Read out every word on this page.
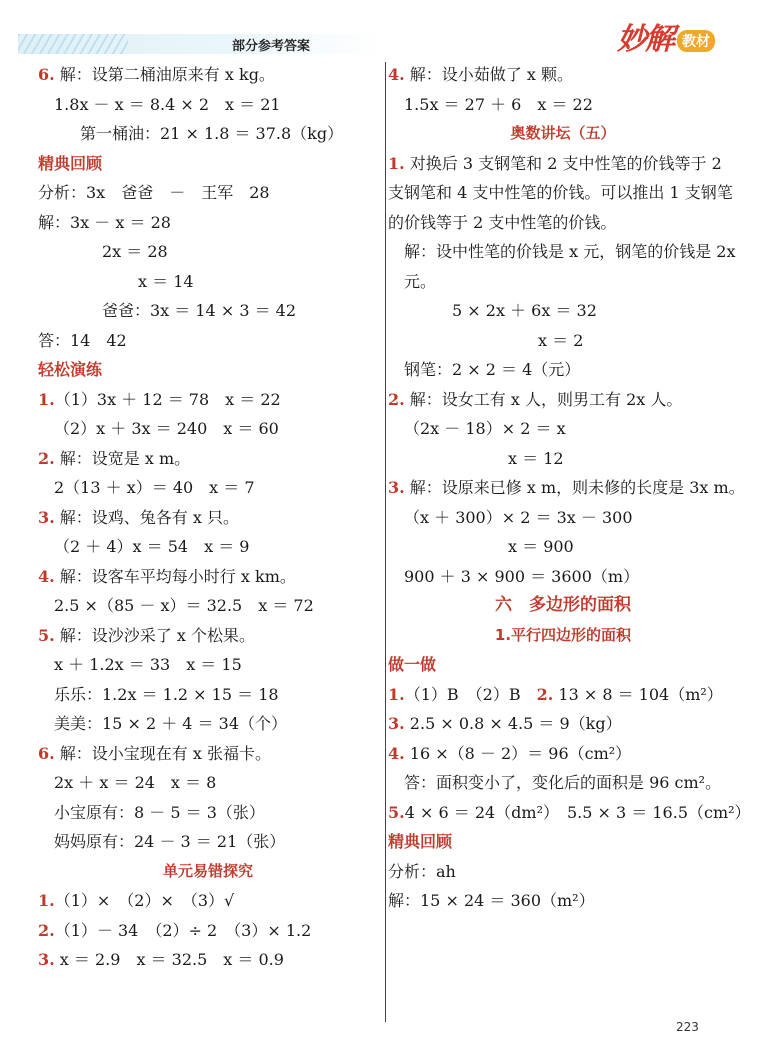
部分参考答案	妙解 教材
6. 解：设第二桶油原来有 x kg。
1.8x － x ＝ 8.4 × 2　x ＝ 21
第一桶油：21 × 1.8 ＝ 37.8（kg）
精典回顾
分析：3x　爸爸　－　王军　28
解：3x － x ＝ 28
2x ＝ 28
x ＝ 14
爸爸：3x ＝ 14 × 3 ＝ 42
答：14　42
轻松演练
1.（1）3x ＋ 12 ＝ 78　x ＝ 22
（2）x ＋ 3x ＝ 240　x ＝ 60
2. 解：设宽是 x m。
2（13 ＋ x）＝ 40　x ＝ 7
3. 解：设鸡、兔各有 x 只。
（2 ＋ 4）x ＝ 54　x ＝ 9
4. 解：设客车平均每小时行 x km。
2.5 ×（85 － x）＝ 32.5　x ＝ 72
5. 解：设沙沙采了 x 个松果。
x ＋ 1.2x ＝ 33　x ＝ 15
乐乐：1.2x ＝ 1.2 × 15 ＝ 18
美美：15 × 2 ＋ 4 ＝ 34（个）
6. 解：设小宝现在有 x 张福卡。
2x ＋ x ＝ 24　x ＝ 8
小宝原有：8 － 5 ＝ 3（张）
妈妈原有：24 － 3 ＝ 21（张）
单元易错探究
1.（1）×　（2）×　（3）√
2.（1）－ 34　（2）÷ 2　（3）× 1.2
3. x ＝ 2.9　x ＝ 32.5　x ＝ 0.9
4. 解：设小茹做了 x 颗。
1.5x ＝ 27 ＋ 6　x ＝ 22
奥数讲坛（五）
1. 对换后 3 支钢笔和 2 支中性笔的价钱等于 2 支钢笔和 4 支中性笔的价钱。可以推出 1 支钢笔的价钱等于 2 支中性笔的价钱。
解：设中性笔的价钱是 x 元，钢笔的价钱是 2x 元。
5 × 2x ＋ 6x ＝ 32
x ＝ 2
钢笔：2 × 2 ＝ 4（元）
2. 解：设女工有 x 人，则男工有 2x 人。
（2x － 18）× 2 ＝ x
x ＝ 12
3. 解：设原来已修 x m，则未修的长度是 3x m。
（x ＋ 300）× 2 ＝ 3x － 300
x ＝ 900
900 ＋ 3 × 900 ＝ 3600（m）
六　多边形的面积
1.平行四边形的面积
做一做
1.（1）B　（2）B　2. 13 × 8 ＝ 104（m²）
3. 2.5 × 0.8 × 4.5 ＝ 9（kg）
4. 16 ×（8 － 2）＝ 96（cm²）
答：面积变小了，变化后的面积是 96 cm²。
5.4 × 6 ＝ 24（dm²）　5.5 × 3 ＝ 16.5（cm²）
精典回顾
分析：ah
解：15 × 24 ＝ 360（m²）
223
